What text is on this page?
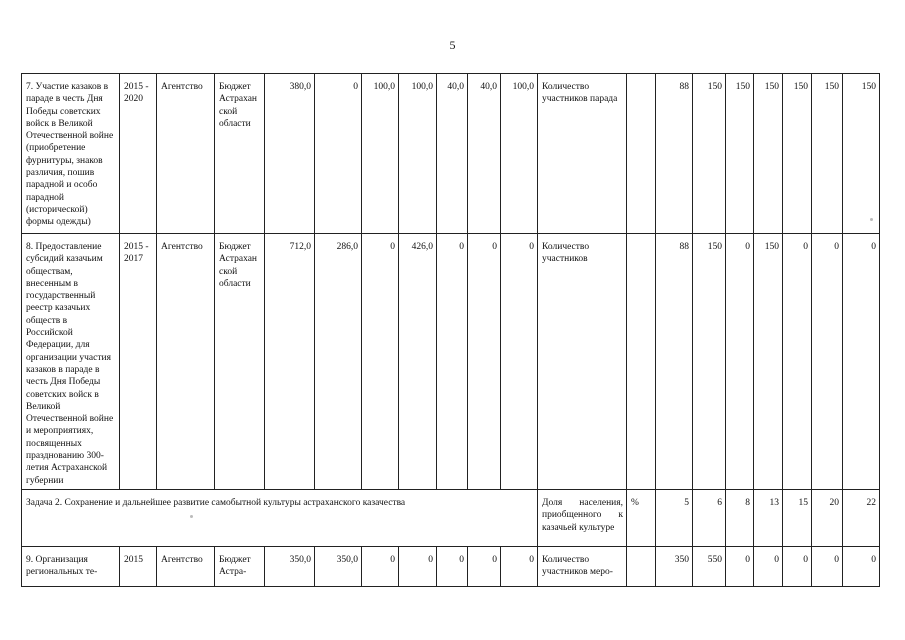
5
7. Участие казаков в параде в честь Дня Победы советских войск в Великой Отечественной войне (приобретение фурнитуры, знаков различия, пошив парадной и особо парадной (исторической) формы одежды)	2015 - 2020	Агентство	Бюджет Астраханской области	380,0	0	100,0	100,0	40,0	40,0	100,0	Количество участников парада		88	150	150	150	150	150	150
8. Предоставление субсидий казачьим обществам, внесенным в государственный реестр казачьих обществ в Российской Федерации, для организации участия казаков в параде в честь Дня Победы советских войск в Великой Отечественной войне и мероприятиях, посвященных празднованию 300-летия Астраханской губернии	2015 - 2017	Агентство	Бюджет Астраханской области	712,0	286,0	0	426,0	0	0	0	Количество участников		88	150	0	150	0	0	0
Задача 2. Сохранение и дальнейшее развитие самобытной культуры астраханского казачества											Доля населения, приобщенного к казачьей культуре	%	5	6	8	13	15	20	22

9. Организация региональных те-	2015	Агентство	Бюджет Астра-	350,0	350,0	0	0	0	0	0	Количество участников меро-		350	550	0	0	0	0	0
